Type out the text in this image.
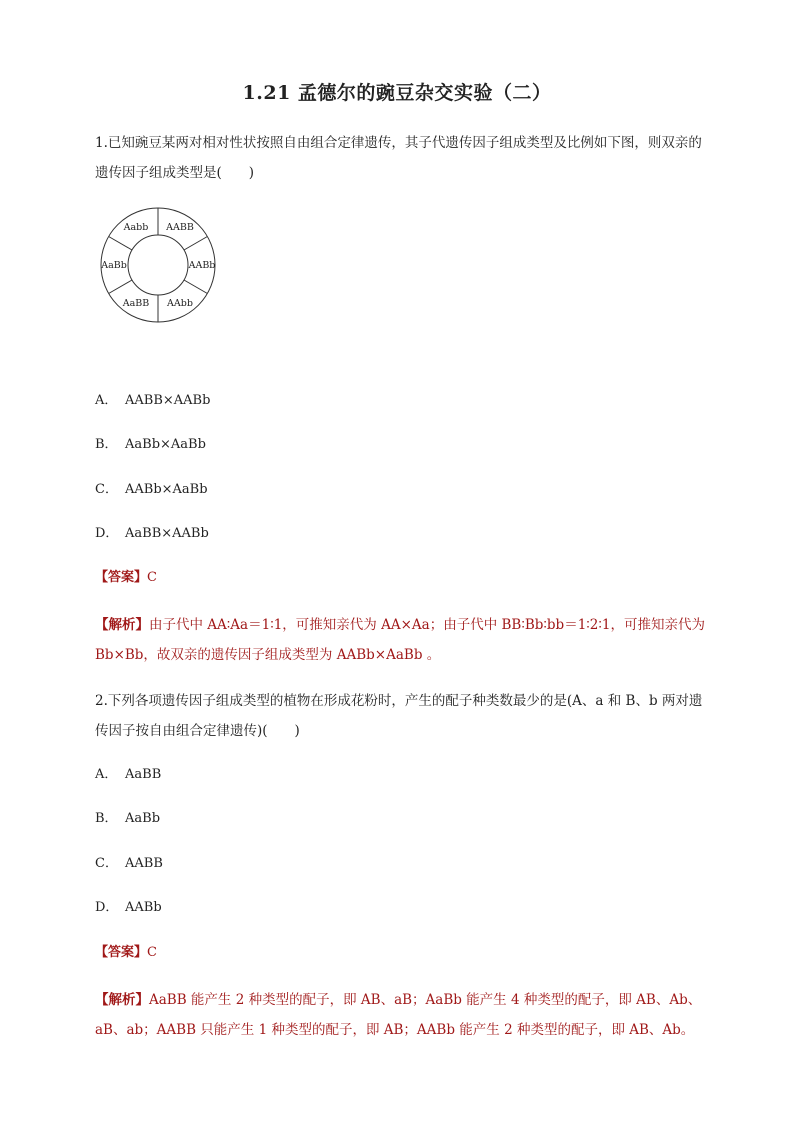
1.21 孟德尔的豌豆杂交实验（二）
1.已知豌豆某两对相对性状按照自由组合定律遗传，其子代遗传因子组成类型及比例如下图，则双亲的遗传因子组成类型是(　　)
Aabb AABB
AABb
AAbb
AaBB
AaBb
A． AABB×AABb
B． AaBb×AaBb
C． AABb×AaBb
D． AaBB×AABb
【答案】C
【解析】由子代中 AA∶Aa＝1∶1，可推知亲代为 AA×Aa；由子代中 BB∶Bb∶bb＝1∶2∶1，可推知亲代为 Bb×Bb，故双亲的遗传因子组成类型为 AABb×AaBb 。
2.下列各项遗传因子组成类型的植物在形成花粉时，产生的配子种类数最少的是(A、a 和 B、b 两对遗传因子按自由组合定律遗传)(　　)
A． AaBB
B． AaBb
C． AABB
D． AABb
【答案】C
【解析】AaBB 能产生 2 种类型的配子，即 AB、aB；AaBb 能产生 4 种类型的配子，即 AB、Ab、aB、ab；AABB 只能产生 1 种类型的配子，即 AB；AABb 能产生 2 种类型的配子，即 AB、Ab。
